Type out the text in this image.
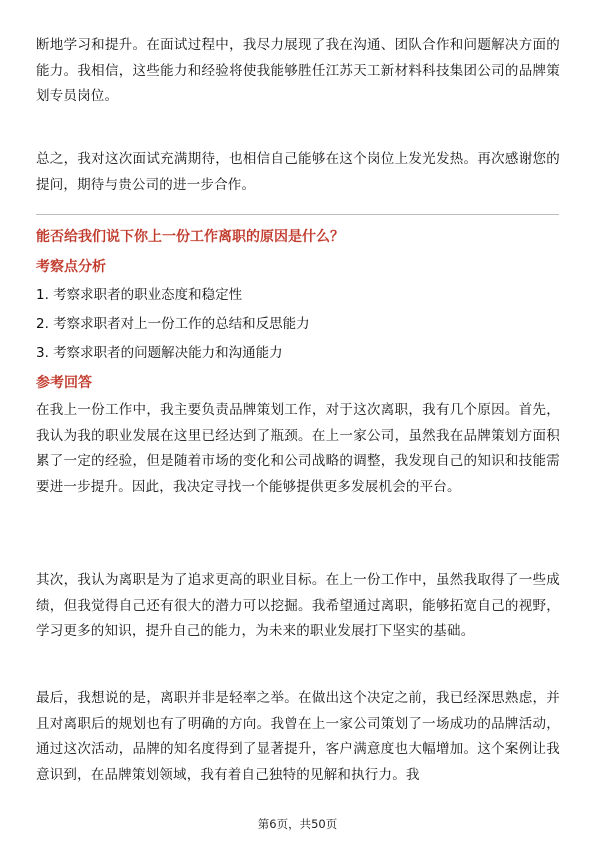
断地学习和提升。在面试过程中，我尽力展现了我在沟通、团队合作和问题解决方面的能力。我相信，这些能力和经验将使我能够胜任江苏天工新材料科技集团公司的品牌策划专员岗位。

总之，我对这次面试充满期待，也相信自己能够在这个岗位上发光发热。再次感谢您的提问，期待与贵公司的进一步合作。

能否给我们说下你上一份工作离职的原因是什么？

考察点分析

1. 考察求职者的职业态度和稳定性

2. 考察求职者对上一份工作的总结和反思能力

3. 考察求职者的问题解决能力和沟通能力

参考回答

在我上一份工作中，我主要负责品牌策划工作，对于这次离职，我有几个原因。首先，我认为我的职业发展在这里已经达到了瓶颈。在上一家公司，虽然我在品牌策划方面积累了一定的经验，但是随着市场的变化和公司战略的调整，我发现自己的知识和技能需要进一步提升。因此，我决定寻找一个能够提供更多发展机会的平台。

其次，我认为离职是为了追求更高的职业目标。在上一份工作中，虽然我取得了一些成绩，但我觉得自己还有很大的潜力可以挖掘。我希望通过离职，能够拓宽自己的视野，学习更多的知识，提升自己的能力，为未来的职业发展打下坚实的基础。

最后，我想说的是，离职并非是轻率之举。在做出这个决定之前，我已经深思熟虑，并且对离职后的规划也有了明确的方向。我曾在上一家公司策划了一场成功的品牌活动，通过这次活动，品牌的知名度得到了显著提升，客户满意度也大幅增加。这个案例让我意识到，在品牌策划领域，我有着自己独特的见解和执行力。我

第6页，共50页
